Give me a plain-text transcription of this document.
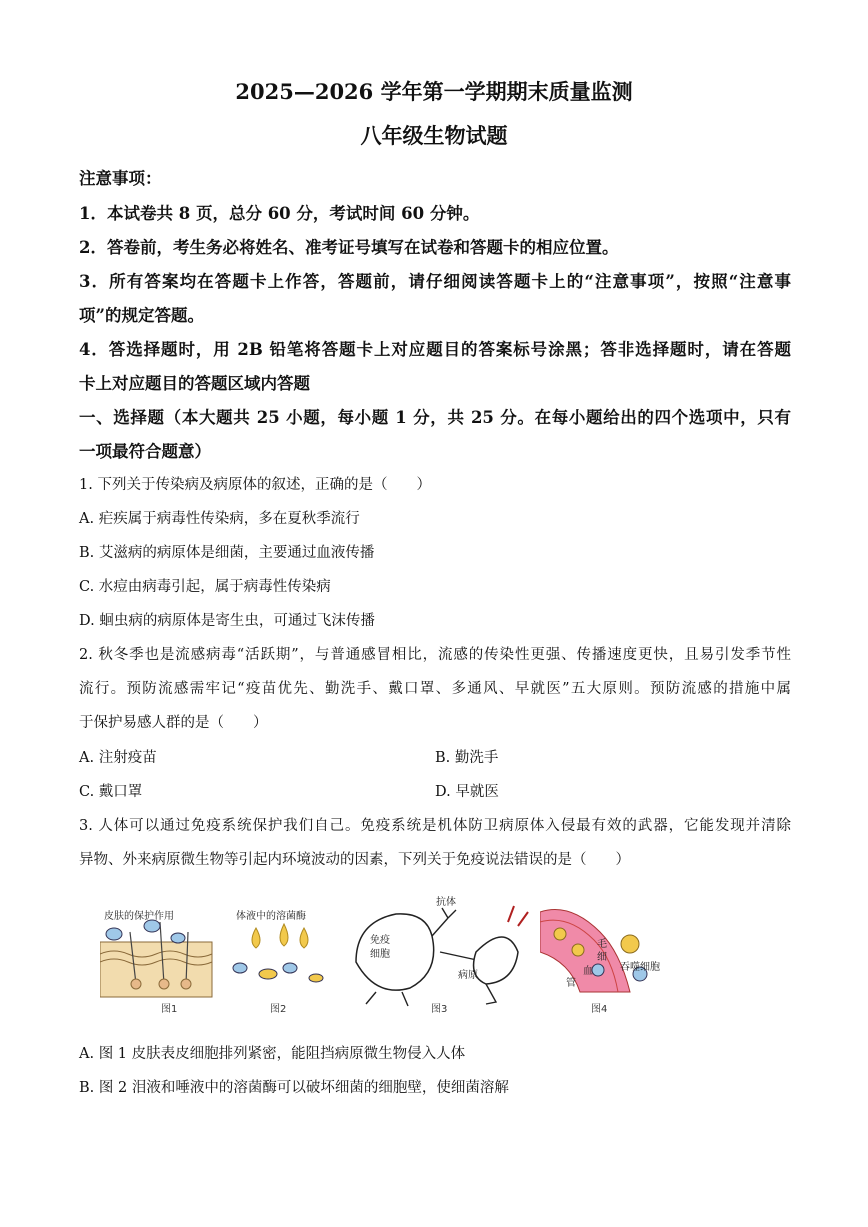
2025—2026 学年第一学期期末质量监测
八年级生物试题
注意事项：
1．本试卷共 8 页，总分 60 分，考试时间 60 分钟。
2．答卷前，考生务必将姓名、准考证号填写在试卷和答题卡的相应位置。
3．所有答案均在答题卡上作答，答题前，请仔细阅读答题卡上的“注意事项”，按照“注意事
项”的规定答题。
4．答选择题时，用 2B 铅笔将答题卡上对应题目的答案标号涂黑；答非选择题时，请在答题
卡上对应题目的答题区域内答题
一、选择题（本大题共 25 小题，每小题 1 分，共 25 分。在每小题给出的四个选项中，只有
一项最符合题意）
1. 下列关于传染病及病原体的叙述，正确的是（　　）
A. 疟疾属于病毒性传染病，多在夏秋季流行
B. 艾滋病的病原体是细菌，主要通过血液传播
C. 水痘由病毒引起，属于病毒性传染病
D. 蛔虫病的病原体是寄生虫，可通过飞沫传播
2. 秋冬季也是流感病毒“活跃期”，与普通感冒相比，流感的传染性更强、传播速度更快，且易引发季节性
流行。预防流感需牢记“疫苗优先、勤洗手、戴口罩、多通风、早就医”五大原则。预防流感的措施中属
于保护易感人群的是（　　）
A. 注射疫苗	B. 勤洗手
C. 戴口罩	D. 早就医
3. 人体可以通过免疫系统保护我们自己。免疫系统是机体防卫病原体入侵最有效的武器，它能发现并清除
异物、外来病原微生物等引起内环境波动的因素，下列关于免疫说法错误的是（　　）
皮肤的保护作用
图1
体液中的溶菌酶
图2
抗体
免疫
细胞
病原
图3
毛
细
血
管
吞噬细胞
图4
A. 图 1 皮肤表皮细胞排列紧密，能阻挡病原微生物侵入人体
B. 图 2 泪液和唾液中的溶菌酶可以破坏细菌的细胞壁，使细菌溶解
